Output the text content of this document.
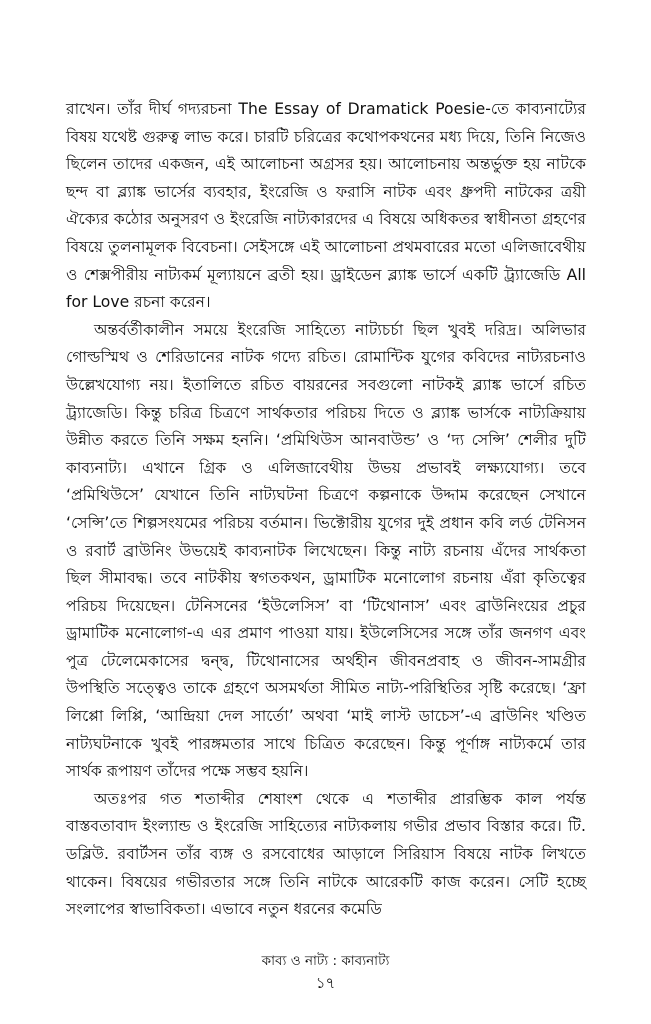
রাখেন। তাঁর দীর্ঘ গদ্যরচনা The Essay of Dramatick Poesie-তে কাব্যনাট্যের বিষয় যথেষ্ট গুরুত্ব লাভ করে। চারটি চরিত্রের কথোপকথনের মধ্য দিয়ে, তিনি নিজেও ছিলেন তাদের একজন, এই আলোচনা অগ্রসর হয়। আলোচনায় অন্তর্ভুক্ত হয় নাটকে ছন্দ বা ব্ল্যাঙ্ক ভার্সের ব্যবহার, ইংরেজি ও ফরাসি নাটক এবং ধ্রুপদী নাটকের ত্রয়ী ঐক্যের কঠোর অনুসরণ ও ইংরেজি নাট্যকারদের এ বিষয়ে অধিকতর স্বাধীনতা গ্রহণের বিষয়ে তুলনামূলক বিবেচনা। সেইসঙ্গে এই আলোচনা প্রথমবারের মতো এলিজাবেথীয় ও শেক্সপীরীয় নাট্যকর্ম মূল্যায়নে ব্রতী হয়। ড্রাইডেন ব্ল্যাঙ্ক ভার্সে একটি ট্র্যাজেডি All for Love রচনা করেন।

অন্তর্বর্তীকালীন সময়ে ইংরেজি সাহিত্যে নাট্যচর্চা ছিল খুবই দরিদ্র। অলিভার গোল্ডস্মিথ ও শেরিডানের নাটক গদ্যে রচিত। রোমান্টিক যুগের কবিদের নাট্যরচনাও উল্লেখযোগ্য নয়। ইতালিতে রচিত বায়রনের সবগুলো নাটকই ব্ল্যাঙ্ক ভার্সে রচিত ট্র্যাজেডি। কিন্তু চরিত্র চিত্রণে সার্থকতার পরিচয় দিতে ও ব্ল্যাঙ্ক ভার্সকে নাট্যক্রিয়ায় উন্নীত করতে তিনি সক্ষম হননি। ‘প্রমিথিউস আনবাউন্ড’ ও ‘দ্য সেন্সি’ শেলীর দুটি কাব্যনাট্য। এখানে গ্রিক ও এলিজাবেথীয় উভয় প্রভাবই লক্ষ্যযোগ্য। তবে ‘প্রমিথিউসে’ যেখানে তিনি নাট্যঘটনা চিত্রণে কল্পনাকে উদ্দাম করেছেন সেখানে ‘সেন্সি’তে শিল্পসংযমের পরিচয় বর্তমান। ভিক্টোরীয় যুগের দুই প্রধান কবি লর্ড টেনিসন ও রবার্ট ব্রাউনিং উভয়েই কাব্যনাটক লিখেছেন। কিন্তু নাট্য রচনায় এঁদের সার্থকতা ছিল সীমাবদ্ধ। তবে নাটকীয় স্বগতকথন, ড্রামাটিক মনোলোগ রচনায় এঁরা কৃতিত্বের পরিচয় দিয়েছেন। টেনিসনের ‘ইউলেসিস’ বা ‘টিথোনাস’ এবং ব্রাউনিংয়ের প্রচুর ড্রামাটিক মনোলোগ-এ এর প্রমাণ পাওয়া যায়। ইউলেসিসের সঙ্গে তাঁর জনগণ এবং পুত্র টেলেমেকাসের দ্বন্দ্ব, টিথোনাসের অর্থহীন জীবনপ্রবাহ ও জীবন-সামগ্রীর উপস্থিতি সত্ত্বেও তাকে গ্রহণে অসমর্থতা সীমিত নাট্য-পরিস্থিতির সৃষ্টি করেছে। ‘ফ্রা লিপ্পো লিপ্পি, ‘আন্দ্রিয়া দেল সার্তো’ অথবা ‘মাই লাস্ট ডাচেস’-এ ব্রাউনিং খণ্ডিত নাট্যঘটনাকে খুবই পারঙ্গমতার সাথে চিত্রিত করেছেন। কিন্তু পূর্ণাঙ্গ নাট্যকর্মে তার সার্থক রূপায়ণ তাঁদের পক্ষে সম্ভব হয়নি।

অতঃপর গত শতাব্দীর শেষাংশ থেকে এ শতাব্দীর প্রারম্ভিক কাল পর্যন্ত বাস্তবতাবাদ ইংল্যান্ড ও ইংরেজি সাহিত্যের নাট্যকলায় গভীর প্রভাব বিস্তার করে। টি. ডব্লিউ. রবার্টসন তাঁর ব্যঙ্গ ও রসবোধের আড়ালে সিরিয়াস বিষয়ে নাটক লিখতে থাকেন। বিষয়ের গভীরতার সঙ্গে তিনি নাটকে আরেকটি কাজ করেন। সেটি হচ্ছে সংলাপের স্বাভাবিকতা। এভাবে নতুন ধরনের কমেডি

কাব্য ও নাট্য : কাব্যনাট্য
১৭
